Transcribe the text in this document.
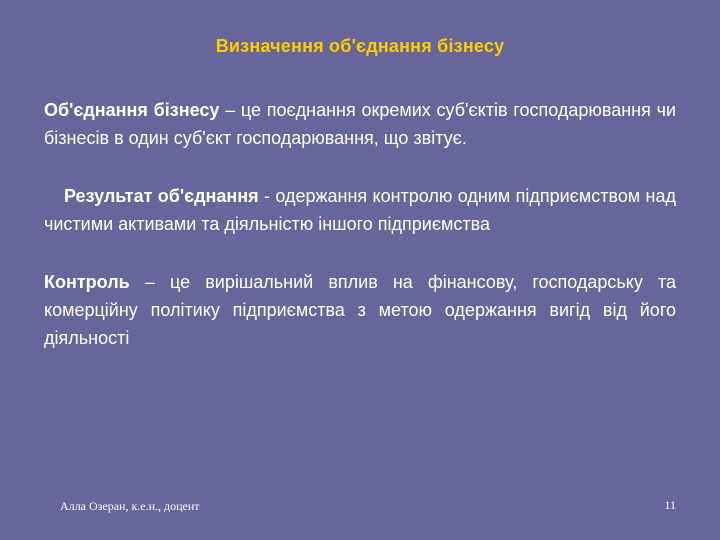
Визначення об'єднання бізнесу

Об'єднання бізнесу – це поєднання окремих суб'єктів господарювання чи бізнесів в один суб'єкт господарювання, що звітує.

Результат об'єднання - одержання контролю одним підприємством над чистими активами та діяльністю іншого підприємства

Контроль – це вирішальний вплив на фінансову, господарську та комерційну політику підприємства з метою одержання вигід від його діяльності

Алла Озеран, к.е.н., доцент	11
